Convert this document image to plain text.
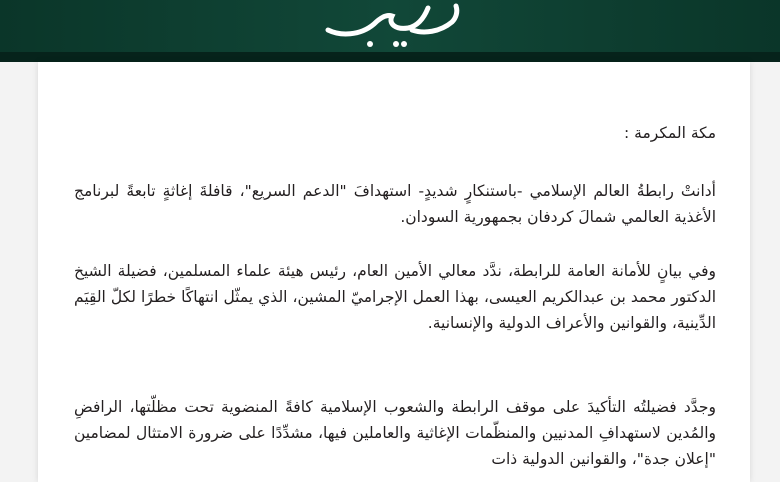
مكة المكرمة :

أدانتْ رابطةُ العالم الإسلامي -باستنكارٍ شديدٍ- استهدافَ "الدعم السريع"، قافلةَ إغاثةٍ تابعةً لبرنامج الأغذية العالمي شمالَ كردفان بجمهورية السودان.

وفي بيانٍ للأمانة العامة للرابطة، ندَّد معالي الأمين العام، رئيس هيئة علماء المسلمين، فضيلة الشيخ الدكتور محمد بن عبدالكريم العيسى، بهذا العمل الإجراميّ المشين، الذي يمثّل انتهاكًا خطرًا لكلّ القِيَم الدِّينية، والقوانين والأعراف الدولية والإنسانية.

وجدَّد فضيلتُه التأكيدَ على موقف الرابطة والشعوب الإسلامية كافةً المنضوية تحت مظلّتها، الرافضِ والمُدين لاستهدافِ المدنيين والمنظّمات الإغاثية والعاملين فيها، مشدِّدًا على ضرورة الامتثال لمضامين "إعلان جدة"، والقوانين الدولية ذات
